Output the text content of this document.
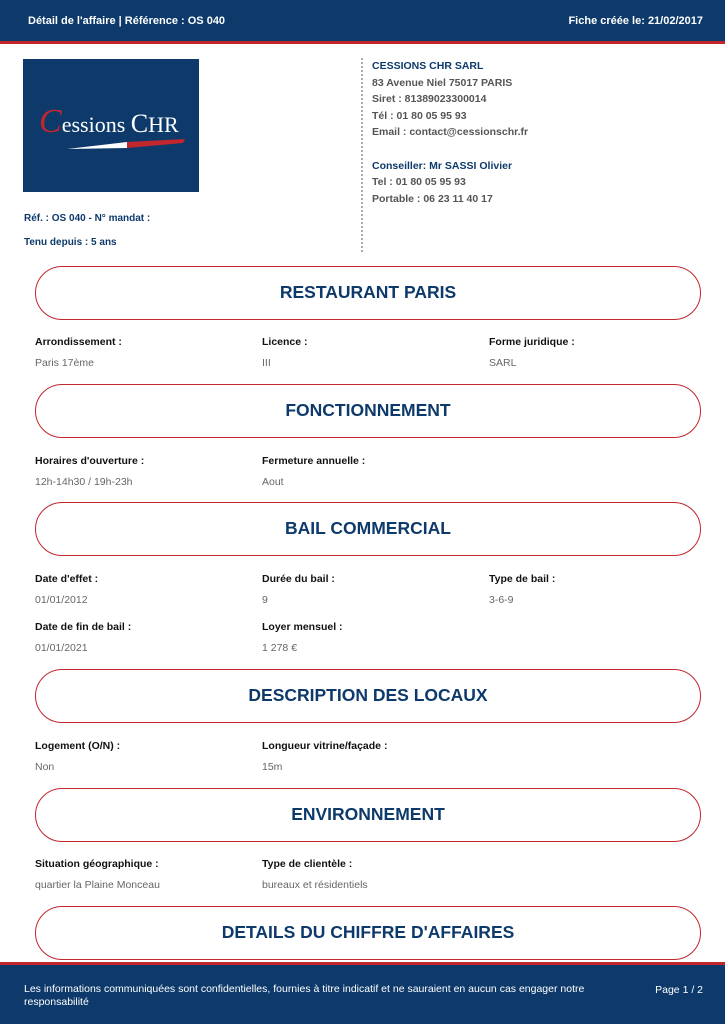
Détail de l'affaire | Référence : OS 040	Fiche créée le: 21/02/2017
Cessions CHR
Réf. : OS 040 - N° mandat :
Tenu depuis : 5 ans
CESSIONS CHR SARL
83 Avenue Niel 75017 PARIS
Siret : 81389023300014
Tél : 01 80 05 95 93
Email : contact@cessionschr.fr
Conseiller: Mr SASSI Olivier
Tel : 01 80 05 95 93
Portable : 06 23 11 40 17
RESTAURANT PARIS
Arrondissement :
Paris 17ème
Licence :
III
Forme juridique :
SARL
FONCTIONNEMENT
Horaires d'ouverture :
12h-14h30 / 19h-23h
Fermeture annuelle :
Aout
BAIL COMMERCIAL
Date d'effet :
01/01/2012
Durée du bail :
9
Type de bail :
3-6-9
Date de fin de bail :
01/01/2021
Loyer mensuel :
1 278 €
DESCRIPTION DES LOCAUX
Logement (O/N) :
Non
Longueur vitrine/façade :
15m
ENVIRONNEMENT
Situation géographique :
quartier la Plaine Monceau
Type de clientèle :
bureaux et résidentiels
DETAILS DU CHIFFRE D'AFFAIRES
Les informations communiquées sont confidentielles, fournies à titre indicatif et ne sauraient en aucun cas engager notre responsabilité
Page 1 / 2
